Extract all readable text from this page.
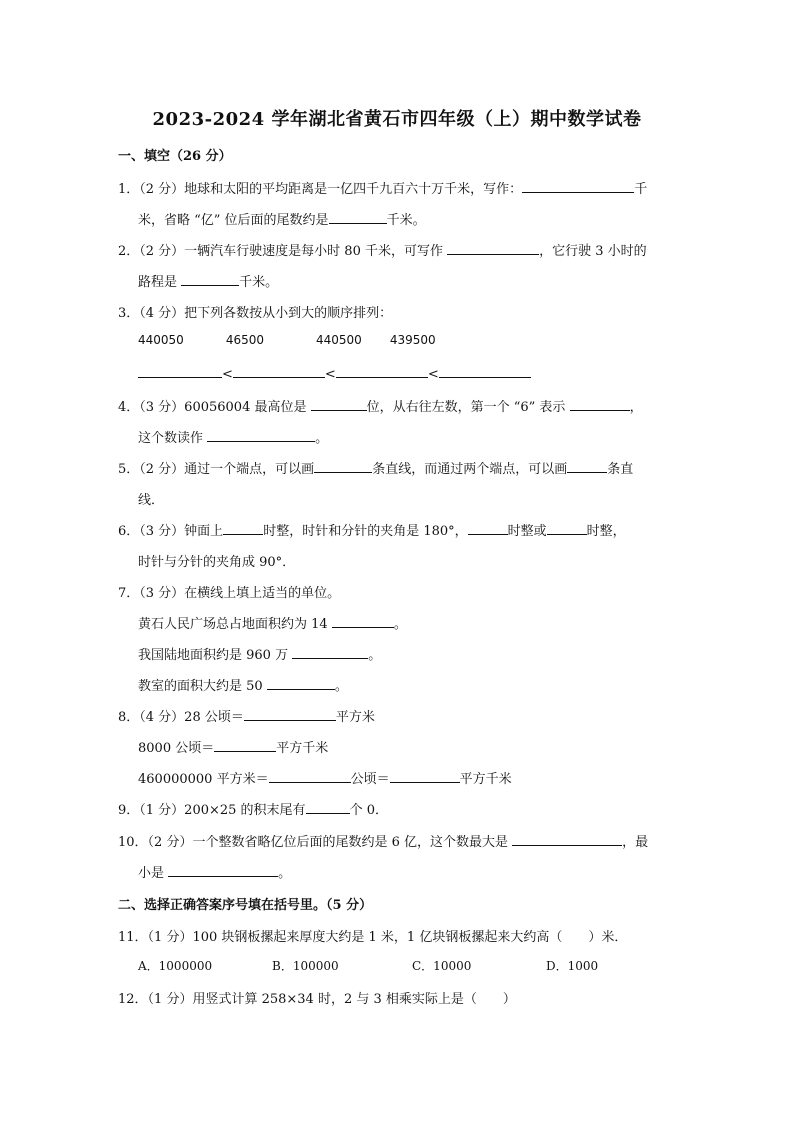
2023-2024 学年湖北省黄石市四年级（上）期中数学试卷
一、填空（26 分）
1．（2 分）地球和太阳的平均距离是一亿四千九百六十万千米，写作：	千
米，省略 “亿” 位后面的尾数约是	千米。
2．（2 分）一辆汽车行驶速度是每小时 80 千米，可写作	，它行驶 3 小时的
路程是	千米。
3．（4 分）把下列各数按从小到大的顺序排列：
440050	46500	440500 439500
<	<	<
4．（3 分）60056004 最高位是	位，从右往左数，第一个 “6” 表示	，
这个数读作	。
5．（2 分）通过一个端点，可以画	条直线，而通过两个端点，可以画	条直
线．
6．（3 分）钟面上	时整，时针和分针的夹角是 180°，	时整或	时整，
时针与分针的夹角成 90°．
7．（3 分）在横线上填上适当的单位。
黄石人民广场总占地面积约为 14	。
我国陆地面积约是 960 万	。
教室的面积大约是 50	。
8．（4 分）28 公顷＝	平方米
8000 公顷＝	平方千米
460000000 平方米＝	公顷＝	平方千米
9．（1 分）200×25 的积末尾有	个 0．
10．（2 分）一个整数省略亿位后面的尾数约是 6 亿，这个数最大是	，最
小是	。
二、选择正确答案序号填在括号里。（5 分）
11．（1 分）100 块钢板摞起来厚度大约是 1 米，1 亿块钢板摞起来大约高（　　）米．
A．1000000	B．100000	C．10000	D．1000
12．（1 分）用竖式计算 258×34 时，2 与 3 相乘实际上是（　　）
